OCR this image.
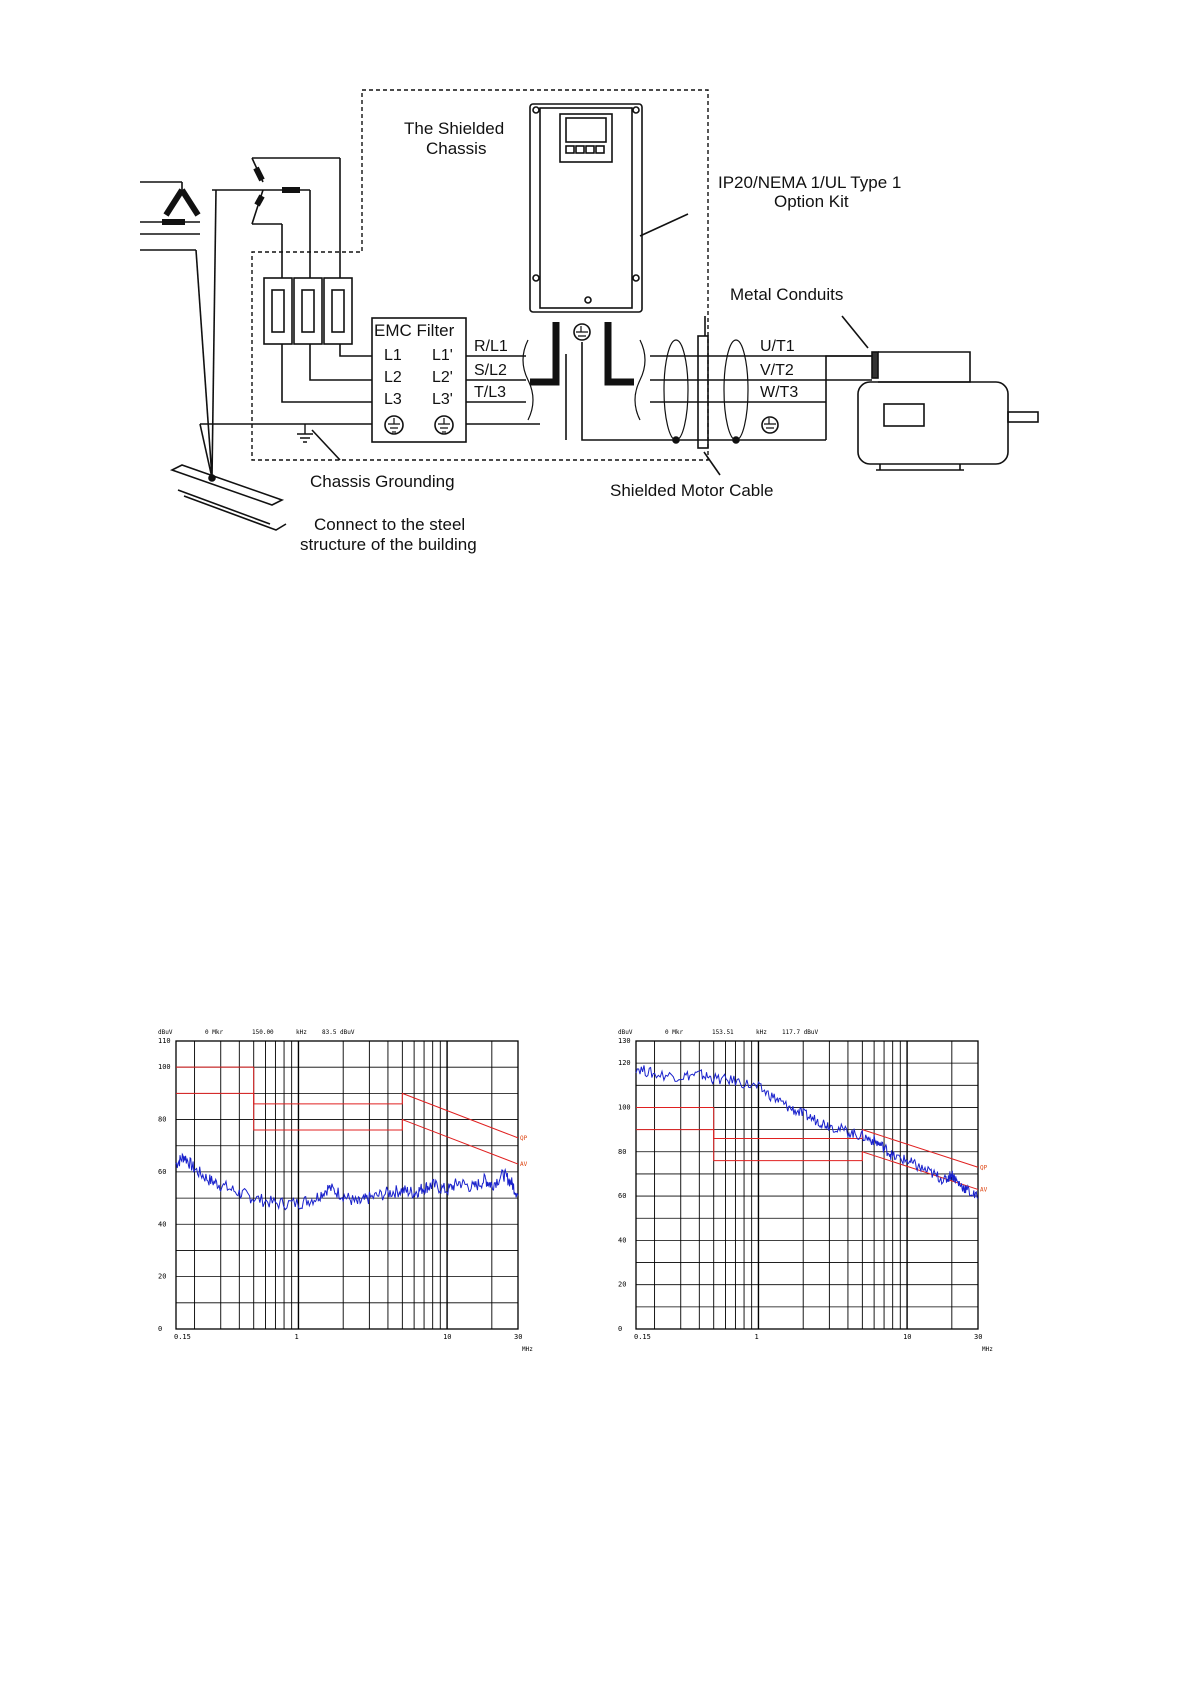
The Shielded
Chassis
IP20/NEMA 1/UL Type 1
Option Kit
Metal Conduits
EMC Filter
L1
L2
L3
L1'
L2'
L3'
R/L1
S/L2
T/L3
U/T1
V/T2
W/T3
Chassis Grounding	Shielded Motor Cable
Connect to the steel
structure of the building
dBuV	0 Mkr	150.00	kHz	83.5 dBuV
0
20
40
60
80
100
110
0.15	1	10	30
MHz
QP
AV
dBuV	0 Mkr	153.51	kHz	117.7 dBuV
0
20
40
60
80
100
120
130
0.15	1	10	30
MHz
QP
AV
